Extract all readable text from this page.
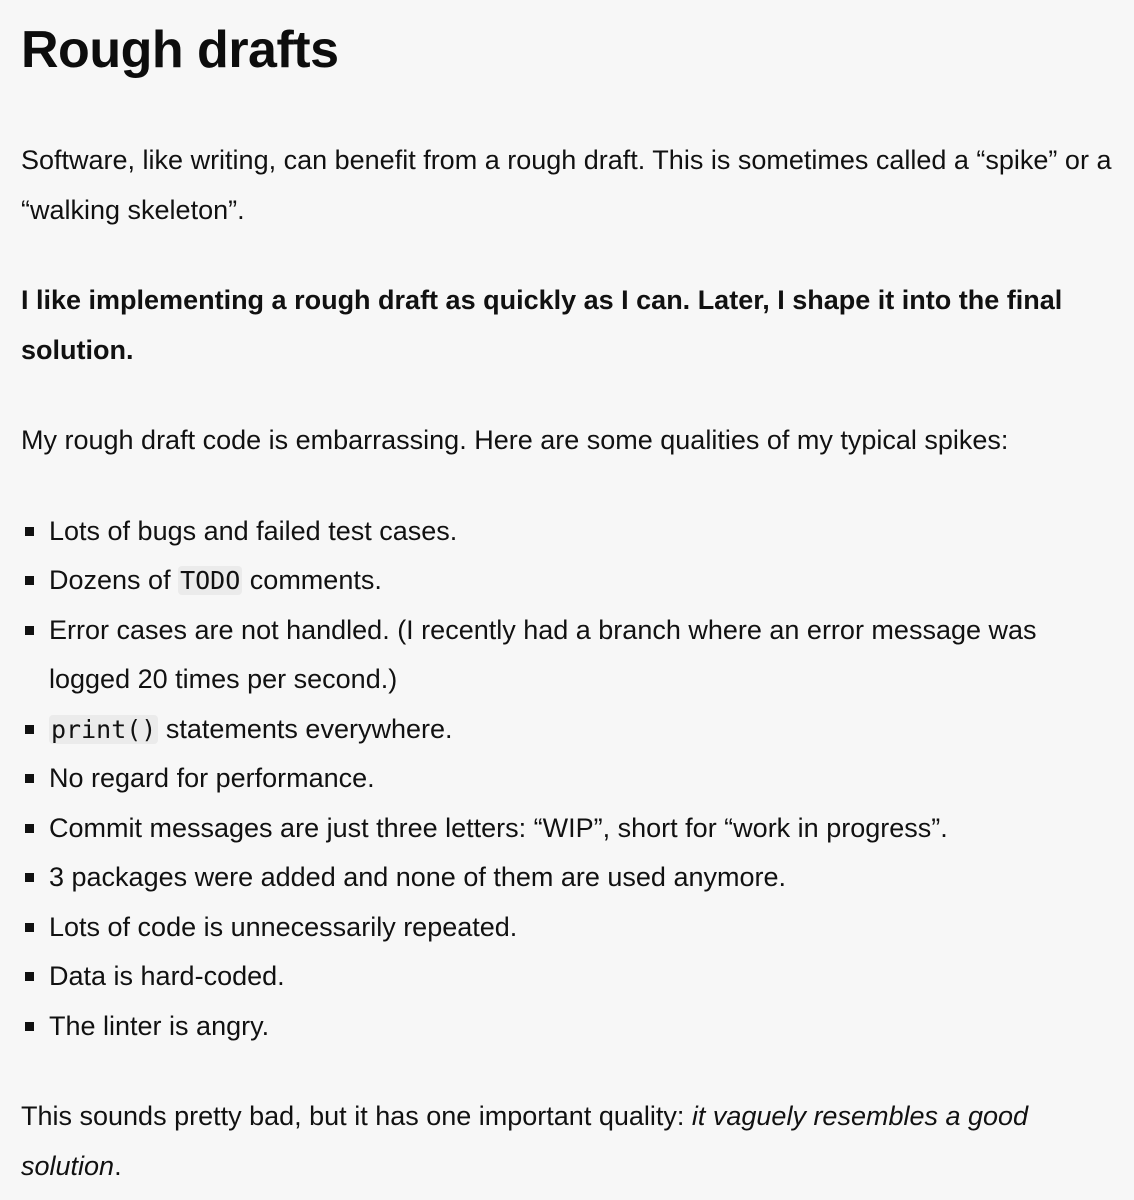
Rough drafts

Software, like writing, can benefit from a rough draft. This is sometimes called a “spike” or a “walking skeleton”.

I like implementing a rough draft as quickly as I can. Later, I shape it into the final solution.

My rough draft code is embarrassing. Here are some qualities of my typical spikes:

Lots of bugs and failed test cases.
Dozens of TODO comments.
Error cases are not handled. (I recently had a branch where an error message was logged 20 times per second.)
print() statements everywhere.
No regard for performance.
Commit messages are just three letters: “WIP”, short for “work in progress”.
3 packages were added and none of them are used anymore.
Lots of code is unnecessarily repeated.
Data is hard-coded.
The linter is angry.

This sounds pretty bad, but it has one important quality: it vaguely resembles a good solution.
